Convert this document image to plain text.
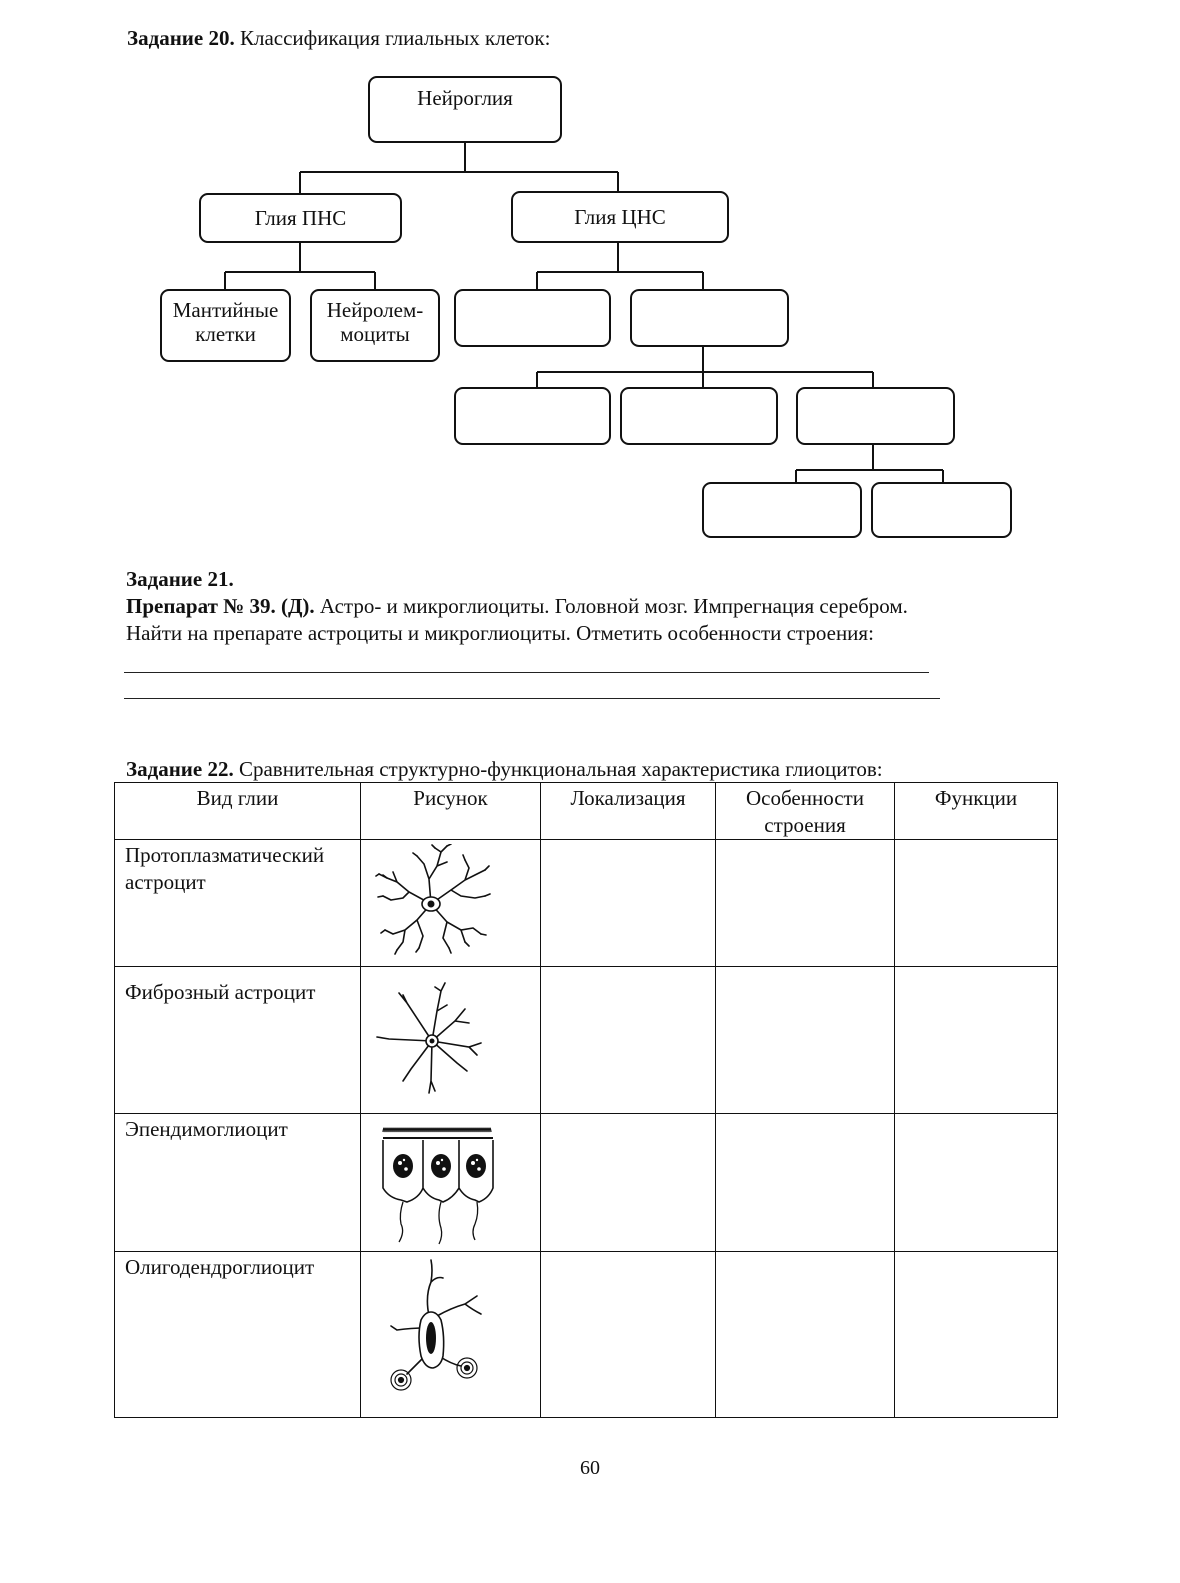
Задание 20. Классификация глиальных клеток:
Нейроглия
Глия ПНС	Глия ЦНС
Мантийные
клетки
Нейролем-
моциты
Задание 21.
Препарат № 39. (Д). Астро- и микроглиоциты. Головной мозг. Импрегнация серебром.
Найти на препарате астроциты и микроглиоциты. Отметить особенности строения:
Задание 22. Сравнительная структурно-функциональная характеристика глиоцитов:
Вид глии	Рисунок	Локализация	Особенности строения	Функции
Протоплазматический астроцит	

Фиброзный астроцит	

Эпендимоглиоцит	

Олигодендроглиоцит	

60
